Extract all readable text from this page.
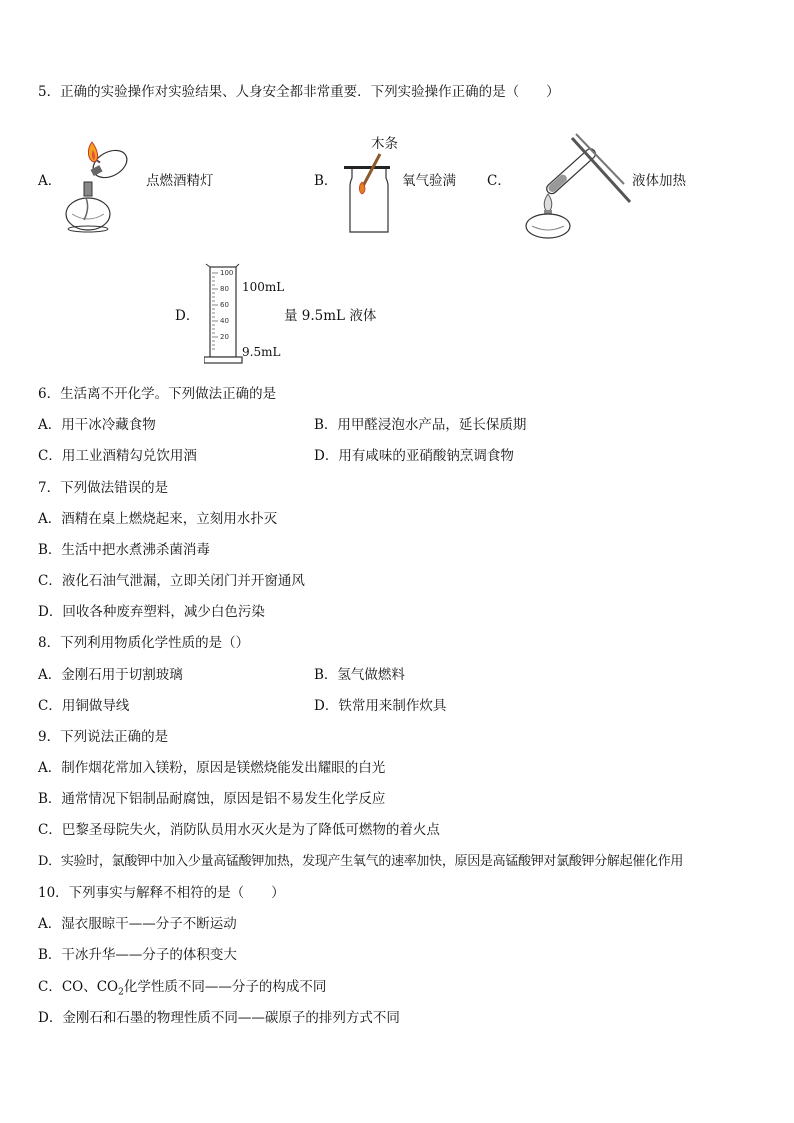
5．正确的实验操作对实验结果、人身安全都非常重要．下列实验操作正确的是（　　）
A．	点燃酒精灯	B．
木条
氧气验满 C．	液体加热
D．
100
80
60
40
20
100mL
量 9.5mL 液体
9.5mL
6．生活离不开化学。下列做法正确的是
A．用干冰冷藏食物	B．用甲醛浸泡水产品，延长保质期
C．用工业酒精勾兑饮用酒	D．用有咸味的亚硝酸钠烹调食物
7．下列做法错误的是
A．酒精在桌上燃烧起来，立刻用水扑灭
B．生活中把水煮沸杀菌消毒
C．液化石油气泄漏，立即关闭门并开窗通风
D．回收各种废弃塑料，减少白色污染
8．下列利用物质化学性质的是（）
A．金刚石用于切割玻璃	B．氢气做燃料
C．用铜做导线	D．铁常用来制作炊具
9．下列说法正确的是
A．制作烟花常加入镁粉，原因是镁燃烧能发出耀眼的白光
B．通常情况下铝制品耐腐蚀，原因是铝不易发生化学反应
C．巴黎圣母院失火，消防队员用水灭火是为了降低可燃物的着火点
D．实验时，氯酸钾中加入少量高锰酸钾加热，发现产生氧气的速率加快，原因是高锰酸钾对氯酸钾分解起催化作用
10．下列事实与解释不相符的是（　　）
A．湿衣服晾干——分子不断运动
B．干冰升华——分子的体积变大
C．CO、$CO_2$化学性质不同——分子的构成不同
D．金刚石和石墨的物理性质不同——碳原子的排列方式不同
